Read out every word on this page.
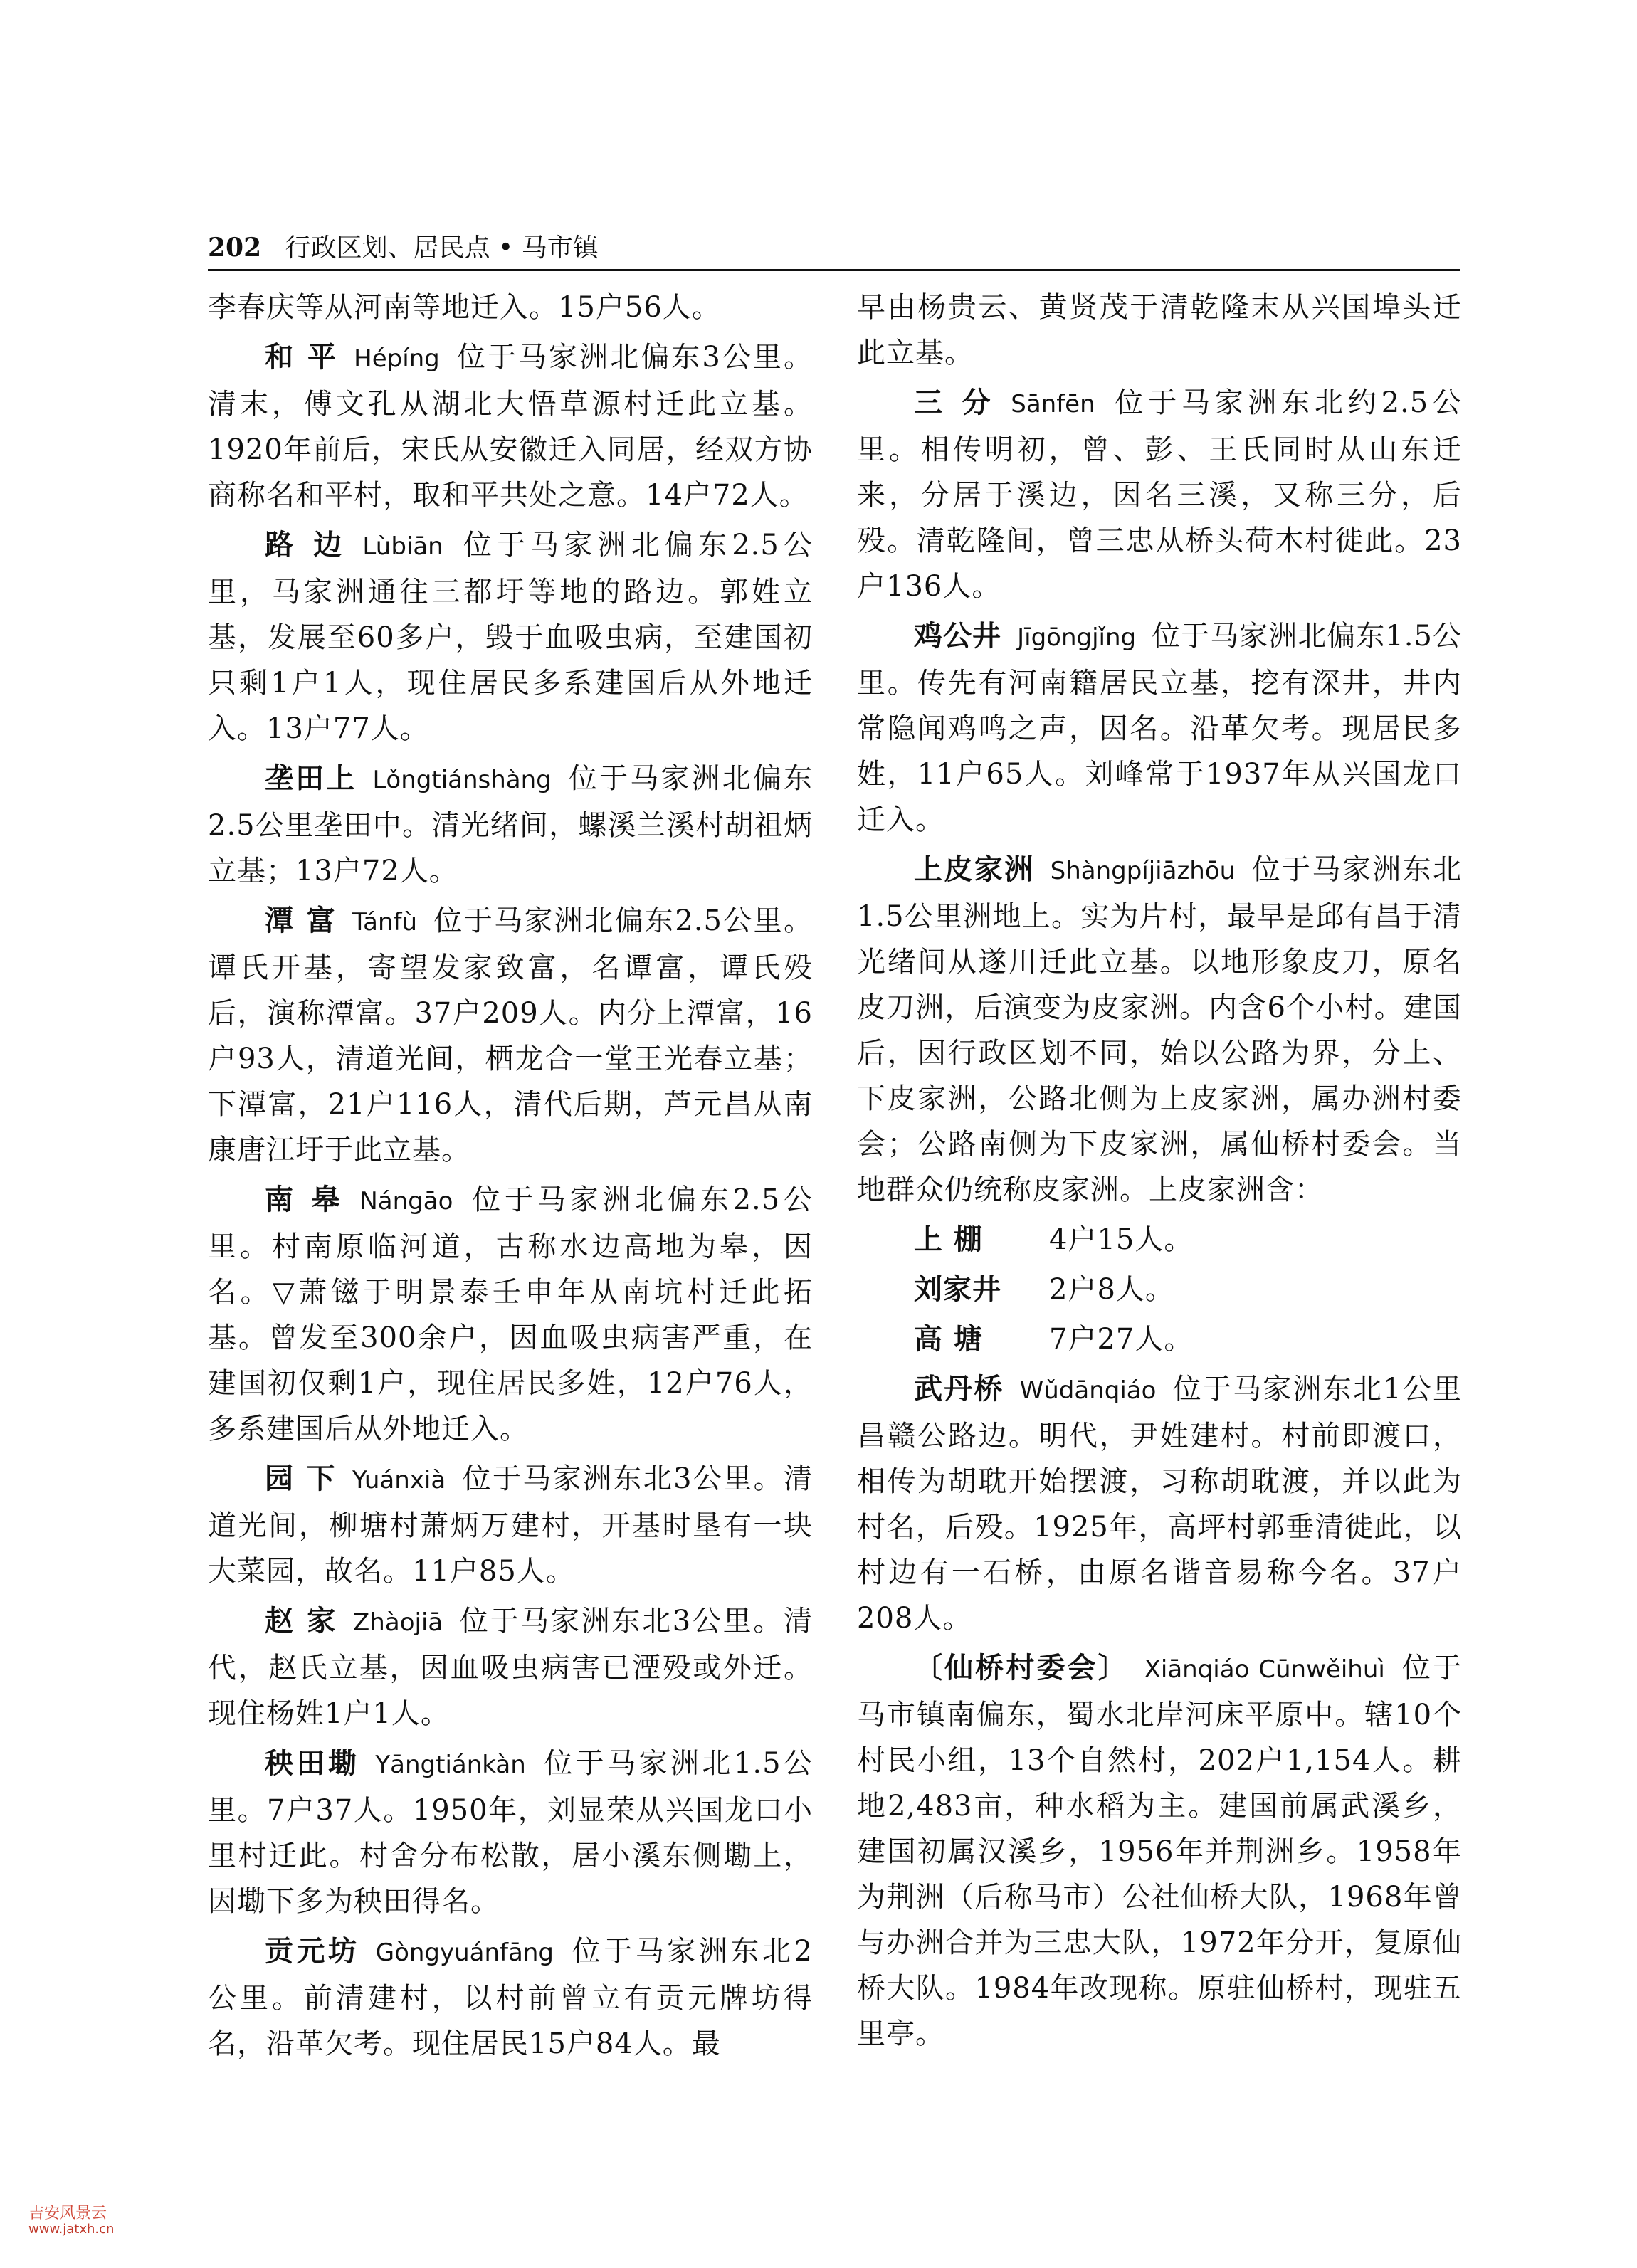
202 行政区划、居民点 • 马市镇

李春庆等从河南等地迁入。15户56人。

和 平 Hépíng 位于马家洲北偏东3公里。清末，傅文孔从湖北大悟草源村迁此立基。1920年前后，宋氏从安徽迁入同居，经双方协商称名和平村，取和平共处之意。14户72人。

路 边 Lùbiān 位于马家洲北偏东2.5公里，马家洲通往三都圩等地的路边。郭姓立基，发展至60多户，毁于血吸虫病，至建国初只剩1户1人，现住居民多系建国后从外地迁入。13户77人。

垄田上 Lǒngtiánshàng 位于马家洲北偏东2.5公里垄田中。清光绪间，螺溪兰溪村胡祖炳立基；13户72人。

潭 富 Tánfù 位于马家洲北偏东2.5公里。谭氏开基，寄望发家致富，名谭富，谭氏殁后，演称潭富。37户209人。内分上潭富，16户93人，清道光间，栖龙合一堂王光春立基；下潭富，21户116人，清代后期，芦元昌从南康唐江圩于此立基。

南 皋 Nángāo 位于马家洲北偏东2.5公里。村南原临河道，古称水边高地为皋，因名。▽萧镃于明景泰壬申年从南坑村迁此拓基。曾发至300余户，因血吸虫病害严重，在建国初仅剩1户，现住居民多姓，12户76人，多系建国后从外地迁入。

园 下 Yuánxià 位于马家洲东北3公里。清道光间，柳塘村萧炳万建村，开基时垦有一块大菜园，故名。11户85人。

赵 家 Zhàojiā 位于马家洲东北3公里。清代，赵氏立基，因血吸虫病害已湮殁或外迁。现住杨姓1户1人。

秧田墈 Yāngtiánkàn 位于马家洲北1.5公里。7户37人。1950年，刘显荣从兴国龙口小里村迁此。村舍分布松散，居小溪东侧墈上，因墈下多为秧田得名。

贡元坊 Gòngyuánfāng 位于马家洲东北2公里。前清建村，以村前曾立有贡元牌坊得名，沿革欠考。现住居民15户84人。最

早由杨贵云、黄贤茂于清乾隆末从兴国埠头迁此立基。

三 分 Sānfēn 位于马家洲东北约2.5公里。相传明初，曾、彭、王氏同时从山东迁来，分居于溪边，因名三溪，又称三分，后殁。清乾隆间，曾三忠从桥头荷木村徙此。23户136人。

鸡公井 Jīgōngjǐng 位于马家洲北偏东1.5公里。传先有河南籍居民立基，挖有深井，井内常隐闻鸡鸣之声，因名。沿革欠考。现居民多姓，11户65人。刘峰常于1937年从兴国龙口迁入。

上皮家洲 Shàngpíjiāzhōu 位于马家洲东北1.5公里洲地上。实为片村，最早是邱有昌于清光绪间从遂川迁此立基。以地形象皮刀，原名皮刀洲，后演变为皮家洲。内含6个小村。建国后，因行政区划不同，始以公路为界，分上、下皮家洲，公路北侧为上皮家洲，属办洲村委会；公路南侧为下皮家洲，属仙桥村委会。当地群众仍统称皮家洲。上皮家洲含：

上 棚 4户15人。

刘家井 2户8人。

高 塘 7户27人。

武丹桥 Wǔdānqiáo 位于马家洲东北1公里昌赣公路边。明代，尹姓建村。村前即渡口，相传为胡耽开始摆渡，习称胡耽渡，并以此为村名，后殁。1925年，高坪村郭垂清徙此，以村边有一石桥，由原名谐音易称今名。37户208人。

〔仙桥村委会〕 Xiānqiáo Cūnwěihuì 位于马市镇南偏东，蜀水北岸河床平原中。辖10个村民小组，13个自然村，202户1,154人。耕地2,483亩，种水稻为主。建国前属武溪乡，建国初属汉溪乡，1956年并荆洲乡。1958年为荆洲（后称马市）公社仙桥大队，1968年曾与办洲合并为三忠大队，1972年分开，复原仙桥大队。1984年改现称。原驻仙桥村，现驻五里亭。

吉安风景云
www.jatxh.cn
